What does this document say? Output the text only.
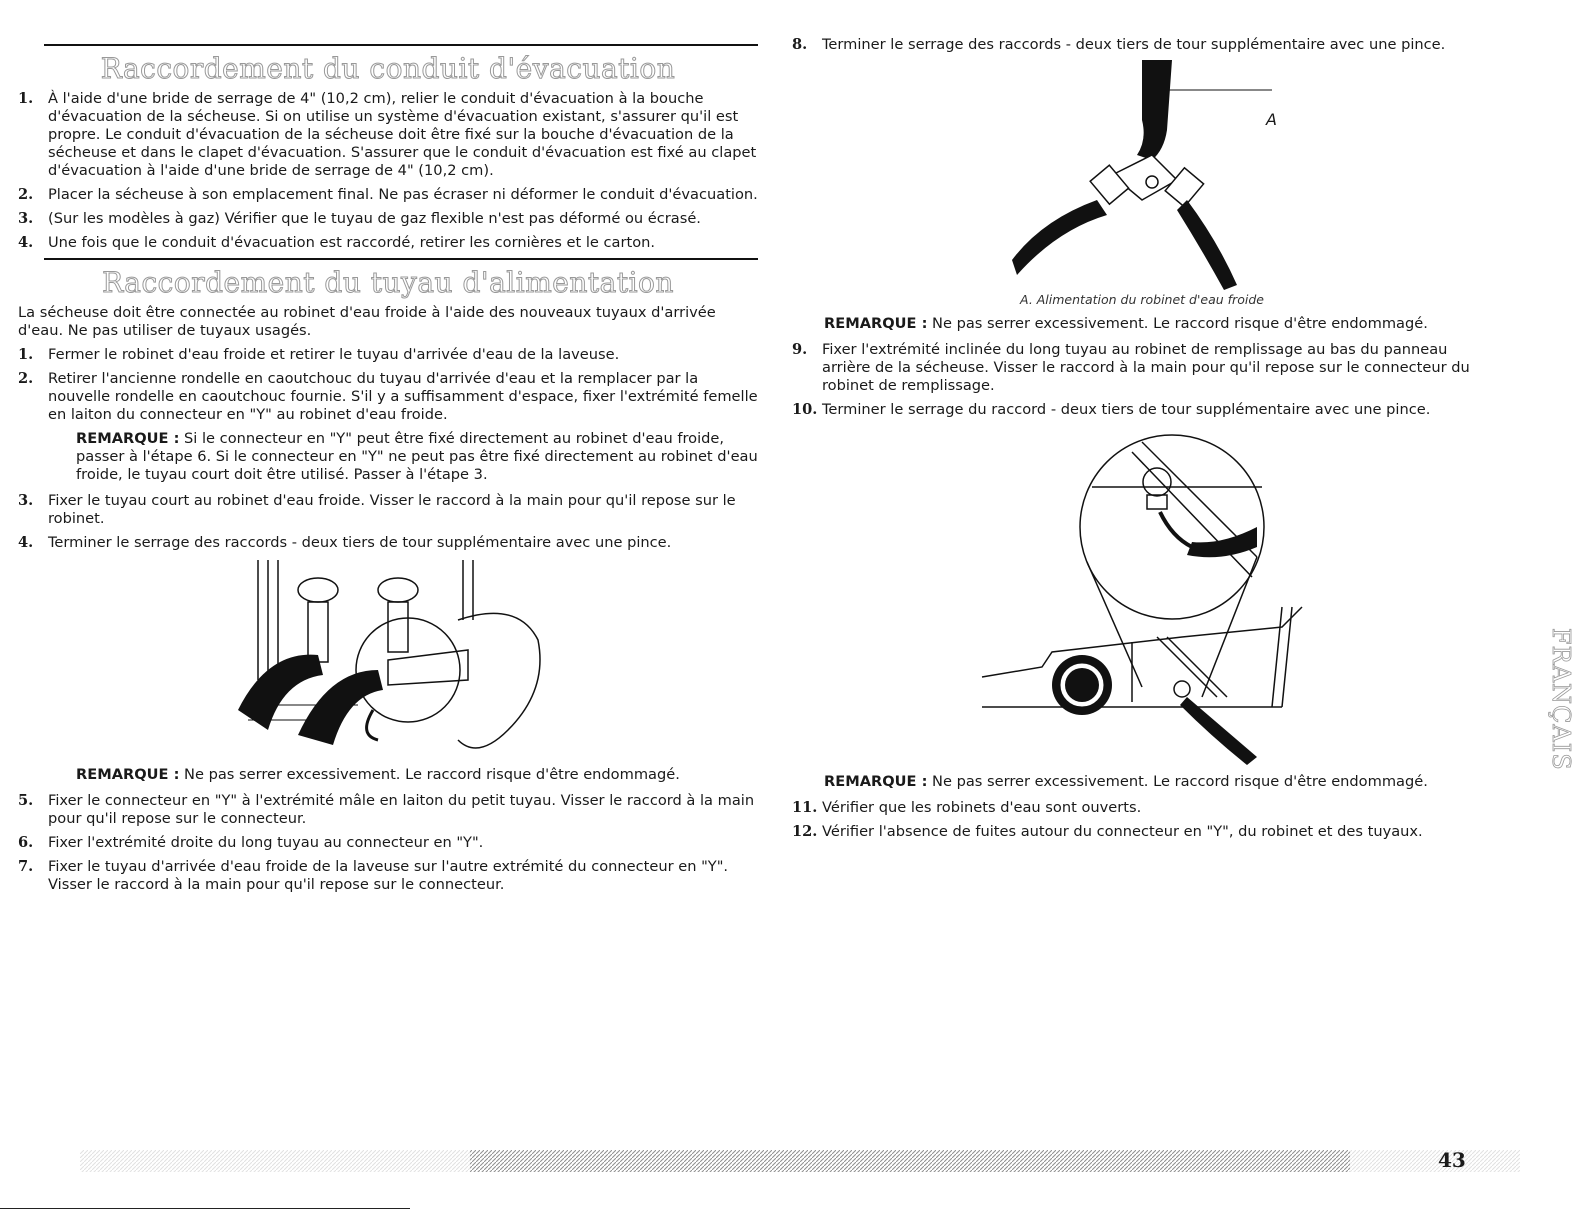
Raccordement du conduit d'évacuation
1.	À l'aide d'une bride de serrage de 4" (10,2 cm), relier le conduit d'évacuation à la bouche d'évacuation de la sécheuse. Si on utilise un système d'évacuation existant, s'assurer qu'il est propre. Le conduit d'évacuation de la sécheuse doit être fixé sur la bouche d'évacuation de la sécheuse et dans le clapet d'évacuation. S'assurer que le conduit d'évacuation est fixé au clapet d'évacuation à l'aide d'une bride de serrage de 4" (10,2 cm).
2.	Placer la sécheuse à son emplacement final. Ne pas écraser ni déformer le conduit d'évacuation.
3.	(Sur les modèles à gaz) Vérifier que le tuyau de gaz flexible n'est pas déformé ou écrasé.
4.	Une fois que le conduit d'évacuation est raccordé, retirer les cornières et le carton.
Raccordement du tuyau d'alimentation

La sécheuse doit être connectée au robinet d'eau froide à l'aide des nouveaux tuyaux d'arrivée d'eau. Ne pas utiliser de tuyaux usagés.

1.	Fermer le robinet d'eau froide et retirer le tuyau d'arrivée d'eau de la laveuse.
2.	Retirer l'ancienne rondelle en caoutchouc du tuyau d'arrivée d'eau et la remplacer par la nouvelle rondelle en caoutchouc fournie. S'il y a suffisamment d'espace, fixer l'extrémité femelle en laiton du connecteur en "Y" au robinet d'eau froide.

REMARQUE : Si le connecteur en "Y" peut être fixé directement au robinet d'eau froide, passer à l'étape 6. Si le connecteur en "Y" ne peut pas être fixé directement au robinet d'eau froide, le tuyau court doit être utilisé. Passer à l'étape 3.

3.	Fixer le tuyau court au robinet d'eau froide. Visser le raccord à la main pour qu'il repose sur le robinet.
4.	Terminer le serrage des raccords - deux tiers de tour supplémentaire avec une pince.

REMARQUE : Ne pas serrer excessivement. Le raccord risque d'être endommagé.

5.	Fixer le connecteur en "Y" à l'extrémité mâle en laiton du petit tuyau. Visser le raccord à la main pour qu'il repose sur le connecteur.
6.	Fixer l'extrémité droite du long tuyau au connecteur en "Y".
7.	Fixer le tuyau d'arrivée d'eau froide de la laveuse sur l'autre extrémité du connecteur en "Y". Visser le raccord à la main pour qu'il repose sur le connecteur.
8.	Terminer le serrage des raccords - deux tiers de tour supplémentaire avec une pince.
A
A. Alimentation du robinet d'eau froide

REMARQUE : Ne pas serrer excessivement. Le raccord risque d'être endommagé.

9.	Fixer l'extrémité inclinée du long tuyau au robinet de remplissage au bas du panneau arrière de la sécheuse. Visser le raccord à la main pour qu'il repose sur le connecteur du robinet de remplissage.
10. Terminer le serrage du raccord - deux tiers de tour supplémentaire avec une pince.

REMARQUE : Ne pas serrer excessivement. Le raccord risque d'être endommagé.

11. Vérifier que les robinets d'eau sont ouverts.
12. Vérifier l'absence de fuites autour du connecteur en "Y", du robinet et des tuyaux.
FRANÇAIS
43
